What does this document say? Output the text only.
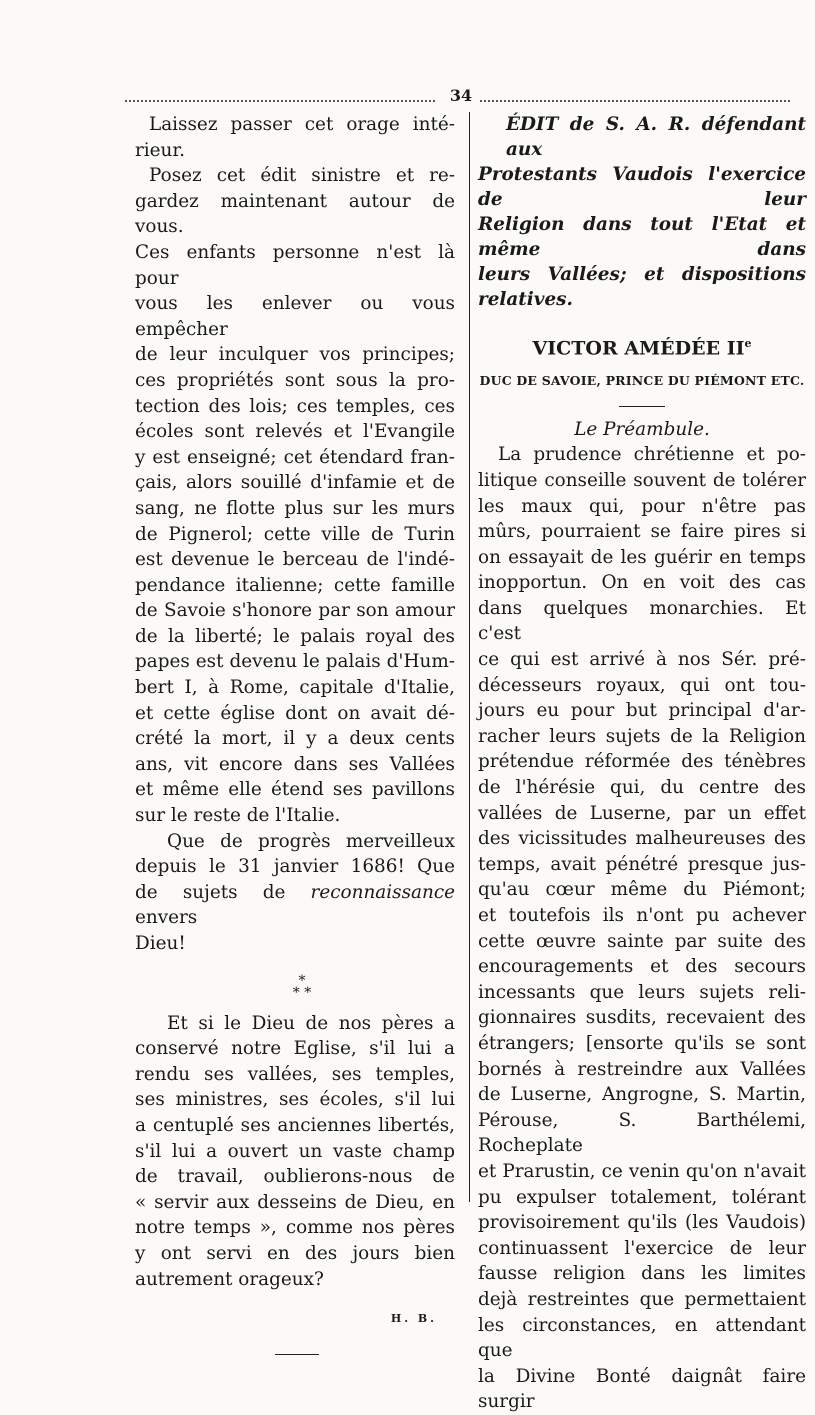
34
Laissez passer cet orage inté-
rieur.
Posez cet édit sinistre et re-
gardez maintenant autour de vous.
Ces enfants personne n'est là pour
vous les enlever ou vous empêcher
de leur inculquer vos principes;
ces propriétés sont sous la pro-
tection des lois; ces temples, ces
écoles sont relevés et l'Evangile
y est enseigné; cet étendard fran-
çais, alors souillé d'infamie et de
sang, ne flotte plus sur les murs
de Pignerol; cette ville de Turin
est devenue le berceau de l'indé-
pendance italienne; cette famille
de Savoie s'honore par son amour
de la liberté; le palais royal des
papes est devenu le palais d'Hum-
bert I, à Rome, capitale d'Italie,
et cette église dont on avait dé-
crété la mort, il y a deux cents
ans, vit encore dans ses Vallées
et même elle étend ses pavillons
sur le reste de l'Italie.
Que de progrès merveilleux
depuis le 31 janvier 1686! Que
de sujets de reconnaissance envers
Dieu!
*
* *
Et si le Dieu de nos pères a
conservé notre Eglise, s'il lui a
rendu ses vallées, ses temples,
ses ministres, ses écoles, s'il lui
a centuplé ses anciennes libertés,
s'il lui a ouvert un vaste champ
de travail, oublierons-nous de
« servir aux desseins de Dieu, en
notre temps », comme nos pères
y ont servi en des jours bien
autrement orageux?
H. B.
ÉDIT de S. A. R. défendant aux
Protestants Vaudois l'exercice de leur
Religion dans tout l'Etat et même dans
leurs Vallées; et dispositions relatives.
VICTOR AMÉDÉE IIe
DUC DE SAVOIE, PRINCE DU PIÉMONT ETC.
Le Préambule.
La prudence chrétienne et po-
litique conseille souvent de tolérer
les maux qui, pour n'être pas
mûrs, pourraient se faire pires si
on essayait de les guérir en temps
inopportun. On en voit des cas
dans quelques monarchies. Et c'est
ce qui est arrivé à nos Sér. pré-
décesseurs royaux, qui ont tou-
jours eu pour but principal d'ar-
racher leurs sujets de la Religion
prétendue réformée des ténèbres
de l'hérésie qui, du centre des
vallées de Luserne, par un effet
des vicissitudes malheureuses des
temps, avait pénétré presque jus-
qu'au cœur même du Piémont;
et toutefois ils n'ont pu achever
cette œuvre sainte par suite des
encouragements et des secours
incessants que leurs sujets reli-
gionnaires susdits, recevaient des
étrangers; [ensorte qu'ils se sont
bornés à restreindre aux Vallées
de Luserne, Angrogne, S. Martin,
Pérouse, S. Barthélemi, Rocheplate
et Prarustin, ce venin qu'on n'avait
pu expulser totalement, tolérant
provisoirement qu'ils (les Vaudois)
continuassent l'exercice de leur
fausse religion dans les limites
dejà restreintes que permettaient
les circonstances, en attendant que
la Divine Bonté daignât faire surgir
